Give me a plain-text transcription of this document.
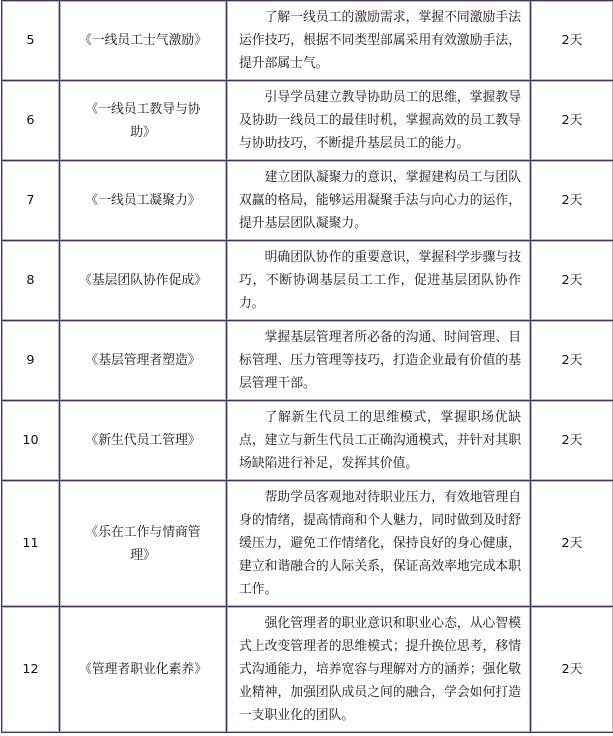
5	《一线员工士气激励》	了解一线员工的激励需求，掌握不同激励手法运作技巧，根据不同类型部属采用有效激励手法，提升部属士气。	2天
6	《一线员工教导与协助》	引导学员建立教导协助员工的思维，掌握教导及协助一线员工的最佳时机，掌握高效的员工教导与协助技巧，不断提升基层员工的能力。	2天
7	《一线员工凝聚力》	建立团队凝聚力的意识，掌握建构员工与团队双赢的格局，能够运用凝聚手法与向心力的运作，提升基层团队凝聚力。	2天
8	《基层团队协作促成》	明确团队协作的重要意识，掌握科学步骤与技巧，不断协调基层员工工作，促进基层团队协作力。	2天
9	《基层管理者塑造》	掌握基层管理者所必备的沟通、时间管理、目标管理、压力管理等技巧，打造企业最有价值的基层管理干部。	2天
10	《新生代员工管理》	了解新生代员工的思维模式，掌握职场优缺点，建立与新生代员工正确沟通模式，并针对其职场缺陷进行补足，发挥其价值。	2天
11	《乐在工作与情商管理》	帮助学员客观地对待职业压力，有效地管理自身的情绪，提高情商和个人魅力，同时做到及时舒缓压力，避免工作情绪化，保持良好的身心健康，建立和谐融合的人际关系，保证高效率地完成本职工作。	2天
12	《管理者职业化素养》	强化管理者的职业意识和职业心态，从心智模式上改变管理者的思维模式；提升换位思考，移情式沟通能力，培养宽容与理解对方的涵养；强化敬业精神，加强团队成员之间的融合，学会如何打造一支职业化的团队。	2天
